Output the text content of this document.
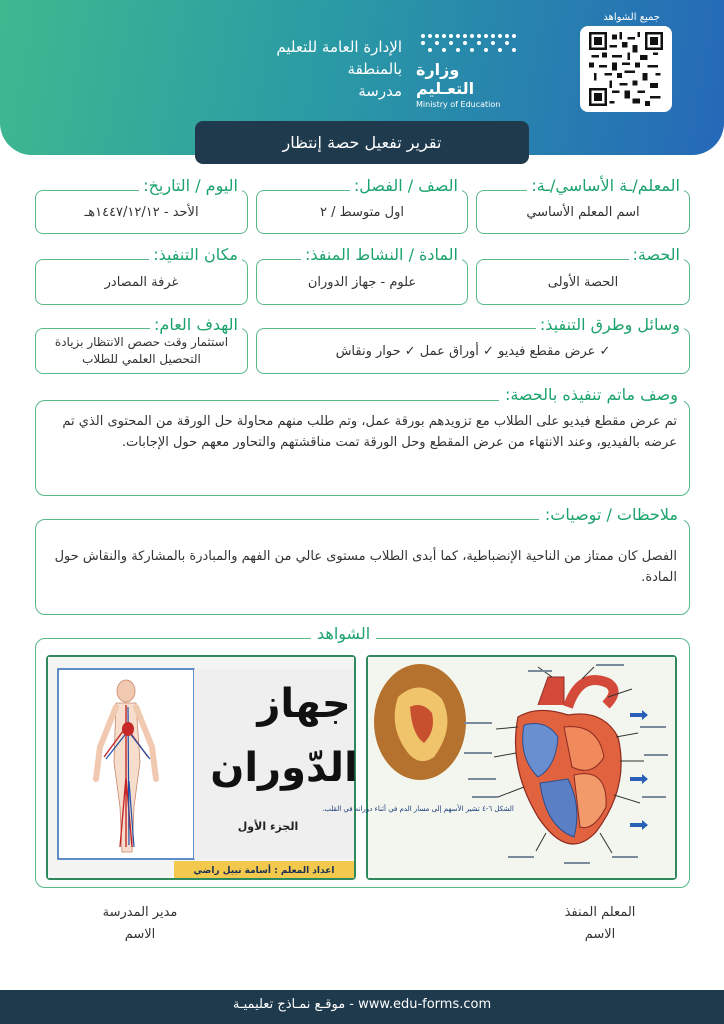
جميع الشواهد
وزارة التعـليم
Ministry of Education
الإدارة العامة للتعليم
بالمنطقة
مدرسة
تقرير تفعيل حصة إنتظار
المعلم/ـة الأساسي/ـة:
اسم المعلم الأساسي
الصف / الفصل:
اول متوسط / ٢
اليوم / التاريخ:
الأحد - ١٤٤٧/١٢/١٢هـ
الحصة:
الحصة الأولى
المادة / النشاط المنفذ:
علوم - جهاز الدوران
مكان التنفيذ:
غرفة المصادر
وسائل وطرق التنفيذ:
✓ عرض مقطع فيديو ✓ أوراق عمل ✓ حوار ونقاش
الهدف العام:
استثمار وقت حصص الانتظار بزيادة التحصيل العلمي للطلاب
وصف ماتم تنفيذه بالحصة:
تم عرض مقطع فيديو على الطلاب مع تزويدهم بورقة عمل، وتم طلب منهم محاولة حل الورقة من المحتوى الذي تم عرضه بالفيديو، وعند الانتهاء من عرض المقطع وحل الورقة تمت مناقشتهم والتحاور معهم حول الإجابات.
ملاحظات / توصيات:
الفصل كان ممتاز من الناحية الإنضباطية، كما أبدى الطلاب مستوى عالي من الفهم والمبادرة بالمشاركة والنقاش حول المادة.
الشواهد
جهاز
الدّوران
الجزء الأول
اعداد المعلم : أسامة نبيل راضي
الشكل ٦-٤ تشير الأسهم إلى مسار الدم في أثناء دورانه في القلب.
المعلم المنفذ
الاسم
مدير المدرسة
الاسم
www.edu-forms.com - موقـع نمـاذج تعليميـة
